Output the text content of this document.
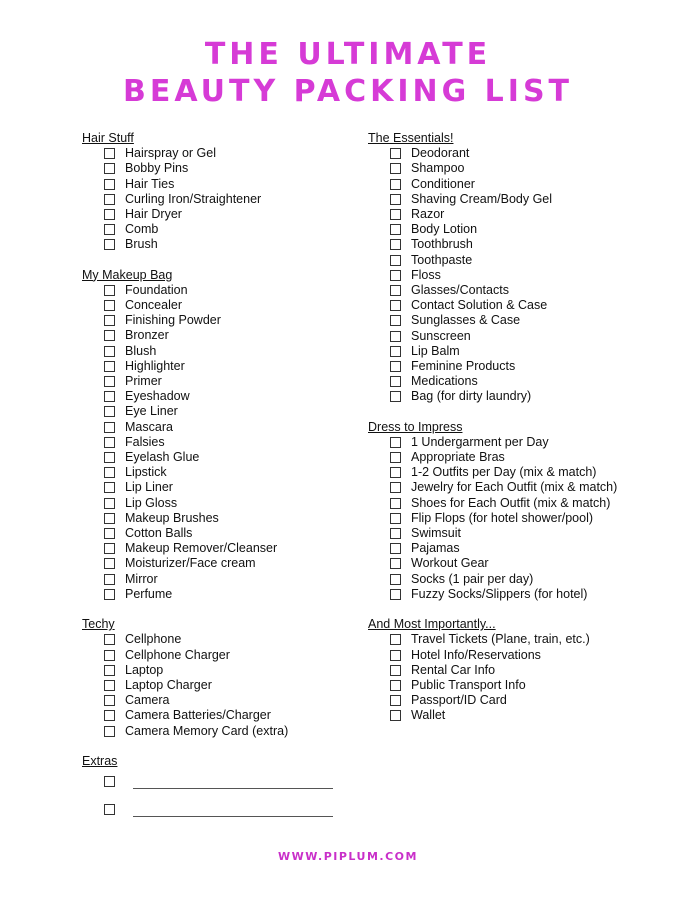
THE ULTIMATE
BEAUTY PACKING LIST
Hair Stuff
Hairspray or Gel
Bobby Pins
Hair Ties
Curling Iron/Straightener
Hair Dryer
Comb
Brush
My Makeup Bag
Foundation
Concealer
Finishing Powder
Bronzer
Blush
Highlighter
Primer
Eyeshadow
Eye Liner
Mascara
Falsies
Eyelash Glue
Lipstick
Lip Liner
Lip Gloss
Makeup Brushes
Cotton Balls
Makeup Remover/Cleanser
Moisturizer/Face cream
Mirror
Perfume
Techy
Cellphone
Cellphone Charger
Laptop
Laptop Charger
Camera
Camera Batteries/Charger
Camera Memory Card (extra)
Extras
The Essentials!
Deodorant
Shampoo
Conditioner
Shaving Cream/Body Gel
Razor
Body Lotion
Toothbrush
Toothpaste
Floss
Glasses/Contacts
Contact Solution & Case
Sunglasses & Case
Sunscreen
Lip Balm
Feminine Products
Medications
Bag (for dirty laundry)
Dress to Impress
1 Undergarment per Day
Appropriate Bras
1-2 Outfits per Day (mix & match)
Jewelry for Each Outfit (mix & match)
Shoes for Each Outfit (mix & match)
Flip Flops (for hotel shower/pool)
Swimsuit
Pajamas
Workout Gear
Socks (1 pair per day)
Fuzzy Socks/Slippers (for hotel)
And Most Importantly...
Travel Tickets (Plane, train, etc.)
Hotel Info/Reservations
Rental Car Info
Public Transport Info
Passport/ID Card
Wallet
WWW.PIPLUM.COM
